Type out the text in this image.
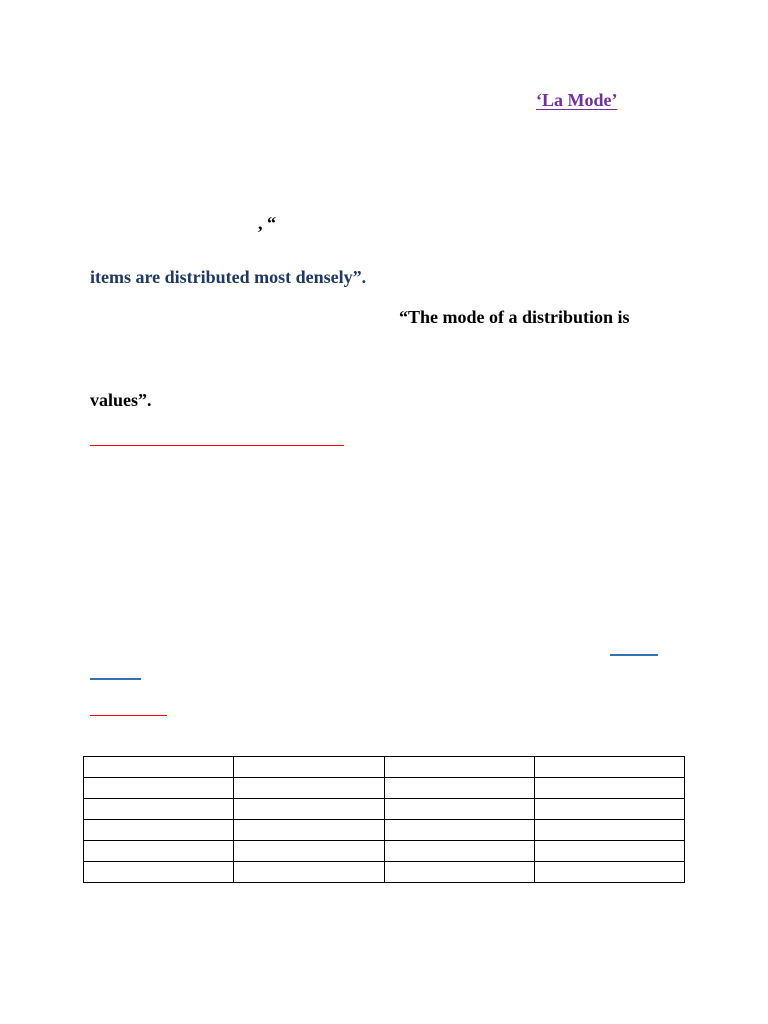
‘La Mode’
, “
items are distributed most densely”.
“The mode of a distribution is
values”.
